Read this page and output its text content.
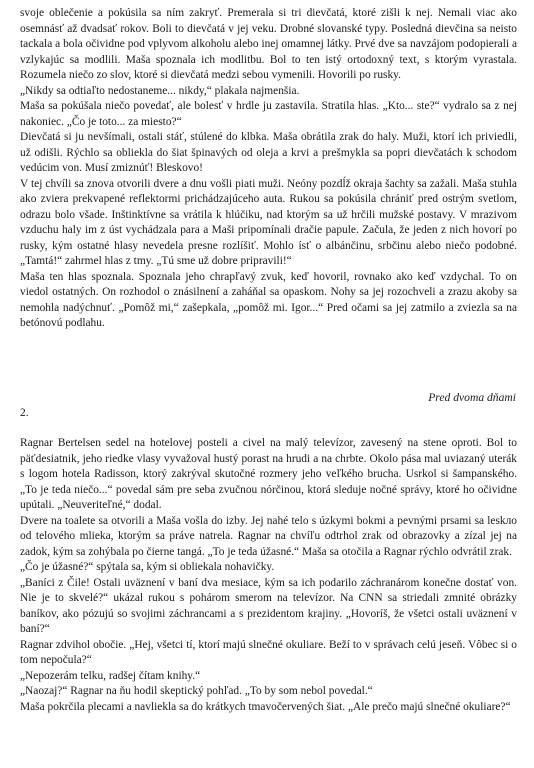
svoje oblečenie a pokúsila sa ním zakryť. Premerala si tri dievčatá, ktoré zišli k nej. Nemali viac ako osemnásť až dvadsať rokov. Boli to dievčatá v jej veku. Drobné slovanské typy. Posledná dievčina sa neisto tackala a bola očividne pod vplyvom alkoholu alebo inej omamnej látky. Prvé dve sa navzájom podopierali a vzlykajúc sa modlili. Maša spoznala ich modlitbu. Bol to ten istý ortodoxný text, s ktorým vyrastala. Rozumela niečo zo slov, ktoré si dievčatá medzi sebou vymenili. Hovorili po rusky.

„Nikdy sa odtiaľto nedostaneme... nikdy,“ plakala najmenšia.

Maša sa pokúšala niečo povedať, ale bolesť v hrdle ju zastavila. Stratila hlas. „Kto... ste?“ vydralo sa z nej nakoniec. „Čo je toto... za miesto?“

Dievčatá si ju nevšímali, ostali stáť, stúlené do klbka. Maša obrátila zrak do haly. Muži, ktorí ich priviedli, už odišli. Rýchlo sa obliekla do šiat špinavých od oleja a krvi a prešmykla sa popri dievčatách k schodom vedúcim von. Musí zmiznúť! Bleskovo!

V tej chvíli sa znova otvorili dvere a dnu vošli piati muži. Neóny pozdĺž okraja šachty sa zažali. Maša stuhla ako zviera prekvapené reflektormi prichádzajúceho auta. Rukou sa pokúsila chrániť pred ostrým svetlom, odrazu bolo všade. Inštinktívne sa vrátila k hlúčiku, nad ktorým sa už hrčili mužské postavy. V mrazivom vzduchu haly im z úst vychádzala para a Maši pripomínali dračie papule. Začula, že jeden z nich hovorí po rusky, kým ostatné hlasy nevedela presne rozlíšiť. Mohlo ísť o albánčinu, srbčinu alebo niečo podobné. „Tamtá!“ zahrmel hlas z tmy. „Tú sme už dobre pripravili!“

Maša ten hlas spoznala. Spoznala jeho chrapľavý zvuk, keď hovoril, rovnako ako keď vzdychal. To on viedol ostatných. On rozhodol o znásilnení a zaháňal sa opaskom. Nohy sa jej rozochveli a zrazu akoby sa nemohla nadýchnuť. „Pomôž mi,“ zašepkala, „pomôž mi. Igor...“ Pred očami sa jej zatmilo a zviezla sa na betónovú podlahu.

Pred dvoma dňami
2.

Ragnar Bertelsen sedel na hotelovej posteli a civel na malý televízor, zavesený na stene oproti. Bol to päťdesiatnik, jeho riedke vlasy vyvažoval hustý porast na hrudi a na chrbte. Okolo pása mal uviazaný uterák s logom hotela Radisson, ktorý zakrýval skutočné rozmery jeho veľkého brucha. Usrkol si šampanského. „To je teda niečo...“ povedal sám pre seba zvučnou nórčinou, ktorá sleduje nočné správy, ktoré ho očividne upútali. „Neuveriteľné,“ dodal.

Dvere na toalete sa otvorili a Maša vošla do izby. Jej nahé telo s úzkymi bokmi a pevnými prsami sa leskло od telového mlieka, ktorým sa práve natrela. Ragnar na chvíľu odtrhol zrak od obrazovky a zízal jej na zadok, kým sa zohýbala po čierne tangá. „To je teda úžasné.“ Maša sa otočila a Ragnar rýchlo odvrátil zrak.

„Čo je úžasné?“ spýtala sa, kým si obliekala nohavičky.

„Baníci z Čile! Ostali uväznení v baní dva mesiace, kým sa ich podarilo záchranárom konečne dostať von. Nie je to skvelé?“ ukázal rukou s pohárom smerom na televízor. Na CNN sa striedali zmnité obrázky baníkov, ako pózujú so svojimi záchrancami a s prezidentom krajiny. „Hovoríš, že všetci ostali uväznení v baní?“

Ragnar zdvihol obočie. „Hej, všetci tí, ktorí majú slnečné okuliare. Beží to v správach celú jeseň. Vôbec si o tom nepočula?“

„Nepozerám telku, radšej čítam knihy.“

„Naozaj?“ Ragnar na ňu hodil skeptický pohľad. „To by som nebol povedal.“

Maša pokrčila plecami a navliekla sa do krátkych tmavočervených šiat. „Ale prečo majú slnečné okuliare?“
